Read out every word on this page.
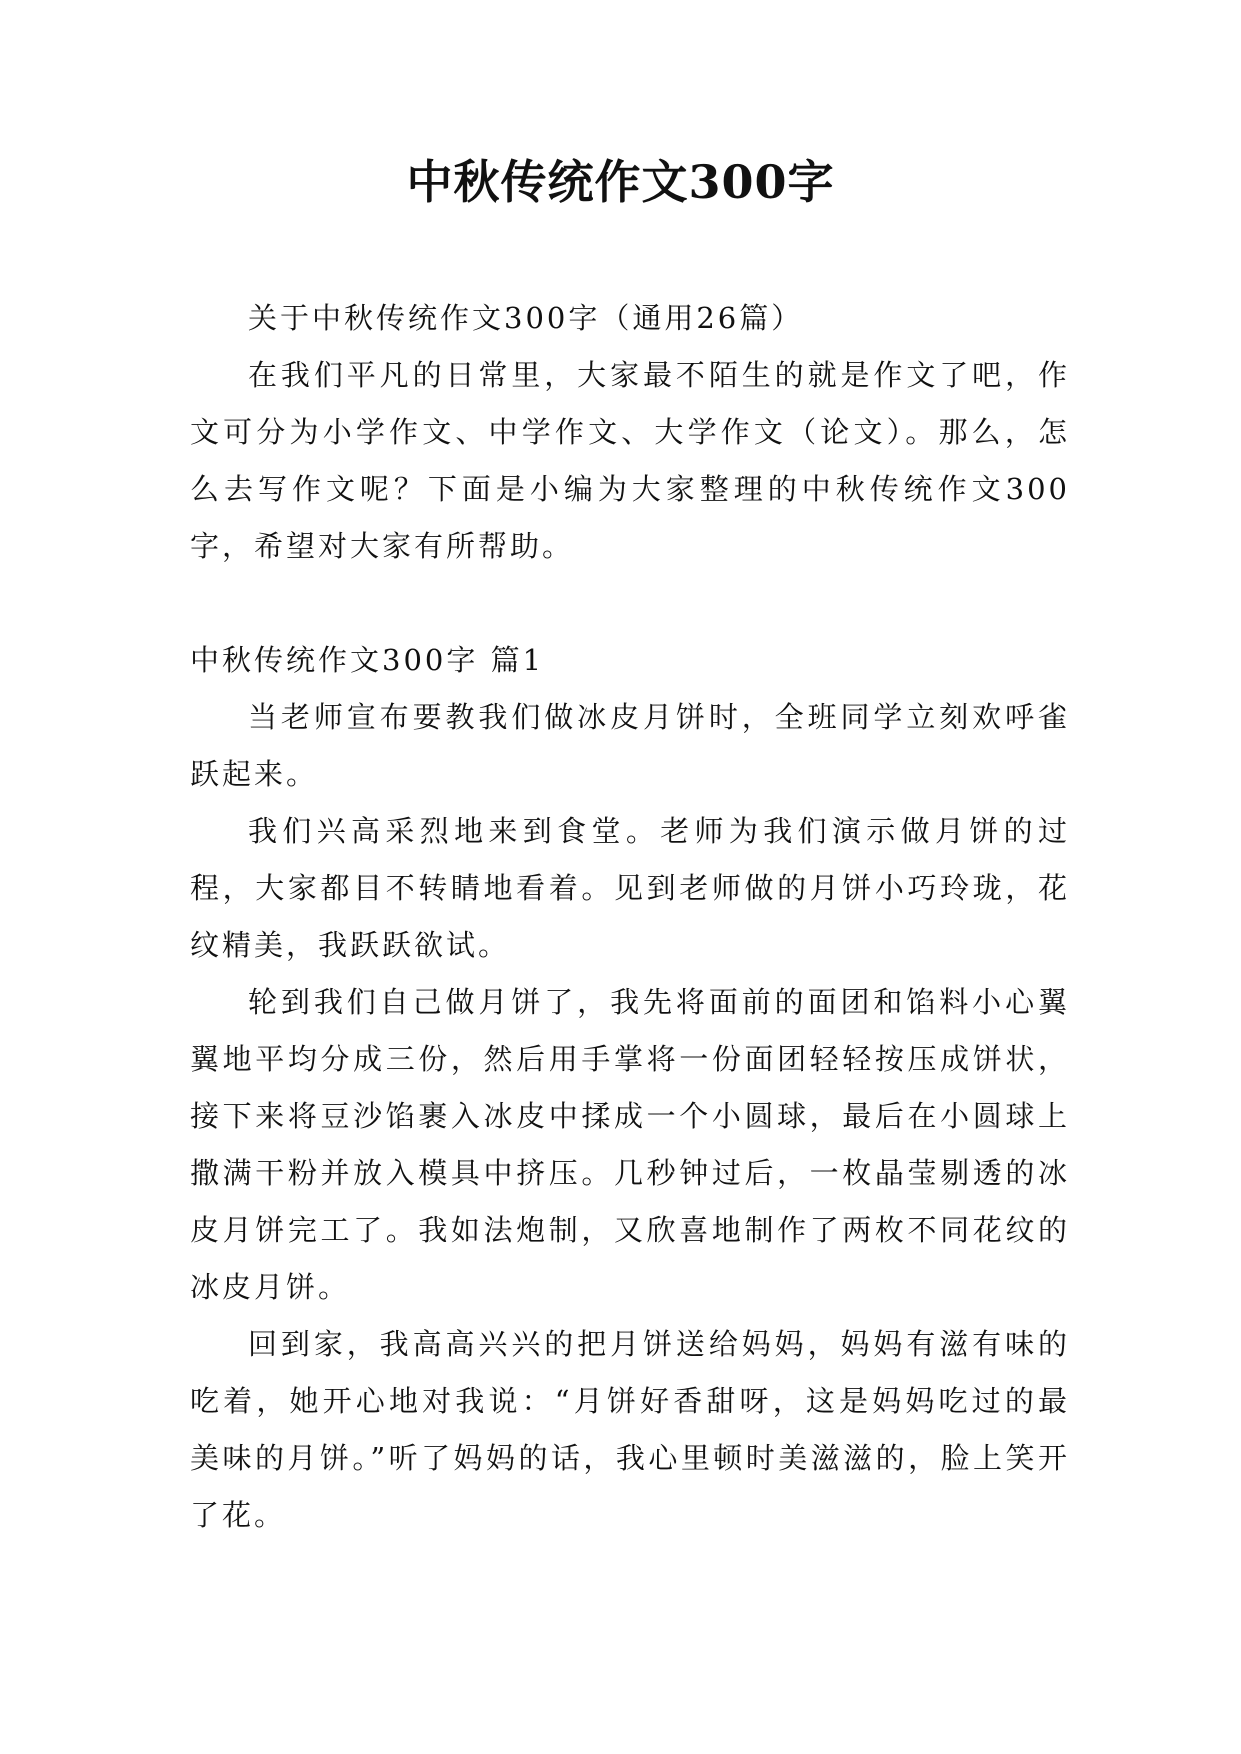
中秋传统作文300字

关于中秋传统作文300字（通用26篇）

在我们平凡的日常里，大家最不陌生的就是作文了吧，作文可分为小学作文、中学作文、大学作文（论文）。那么，怎么去写作文呢？下面是小编为大家整理的中秋传统作文300字，希望对大家有所帮助。

中秋传统作文300字 篇1

当老师宣布要教我们做冰皮月饼时，全班同学立刻欢呼雀跃起来。

我们兴高采烈地来到食堂。老师为我们演示做月饼的过程，大家都目不转睛地看着。见到老师做的月饼小巧玲珑，花纹精美，我跃跃欲试。

轮到我们自己做月饼了，我先将面前的面团和馅料小心翼翼地平均分成三份，然后用手掌将一份面团轻轻按压成饼状，接下来将豆沙馅裹入冰皮中揉成一个小圆球，最后在小圆球上撒满干粉并放入模具中挤压。几秒钟过后，一枚晶莹剔透的冰皮月饼完工了。我如法炮制，又欣喜地制作了两枚不同花纹的冰皮月饼。

回到家，我高高兴兴的把月饼送给妈妈，妈妈有滋有味的吃着，她开心地对我说：“月饼好香甜呀，这是妈妈吃过的最美味的月饼。”听了妈妈的话，我心里顿时美滋滋的，脸上笑开了花。
